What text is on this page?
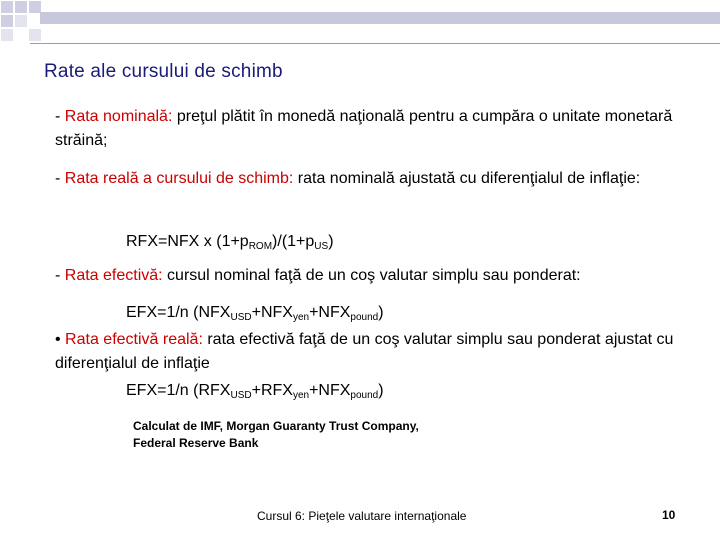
Rate ale cursului de schimb
- Rata nominală: preţul plătit în monedă naţională pentru a cumpăra o unitate monetară străină;
- Rata reală a cursului de schimb: rata nominală ajustată cu diferenţialul de inflaţie:
RFX=NFX x $(1+p_{ROM})/(1+p_{US})$
- Rata efectivă: cursul nominal faţă de un coş valutar simplu sau ponderat:
EFX=1/n $(NFX_{USD}+NFX_{yen}+NFX_{pound})$
• Rata efectivă reală: rata efectivă faţă de un coş valutar simplu sau ponderat ajustat cu diferenţialul de inflaţie
EFX=1/n $(RFX_{USD}+RFX_{yen}+NFX_{pound})$
Calculat de IMF, Morgan Guaranty Trust Company,
Federal Reserve Bank
Cursul 6: Pieţele valutare internaţionale	10
